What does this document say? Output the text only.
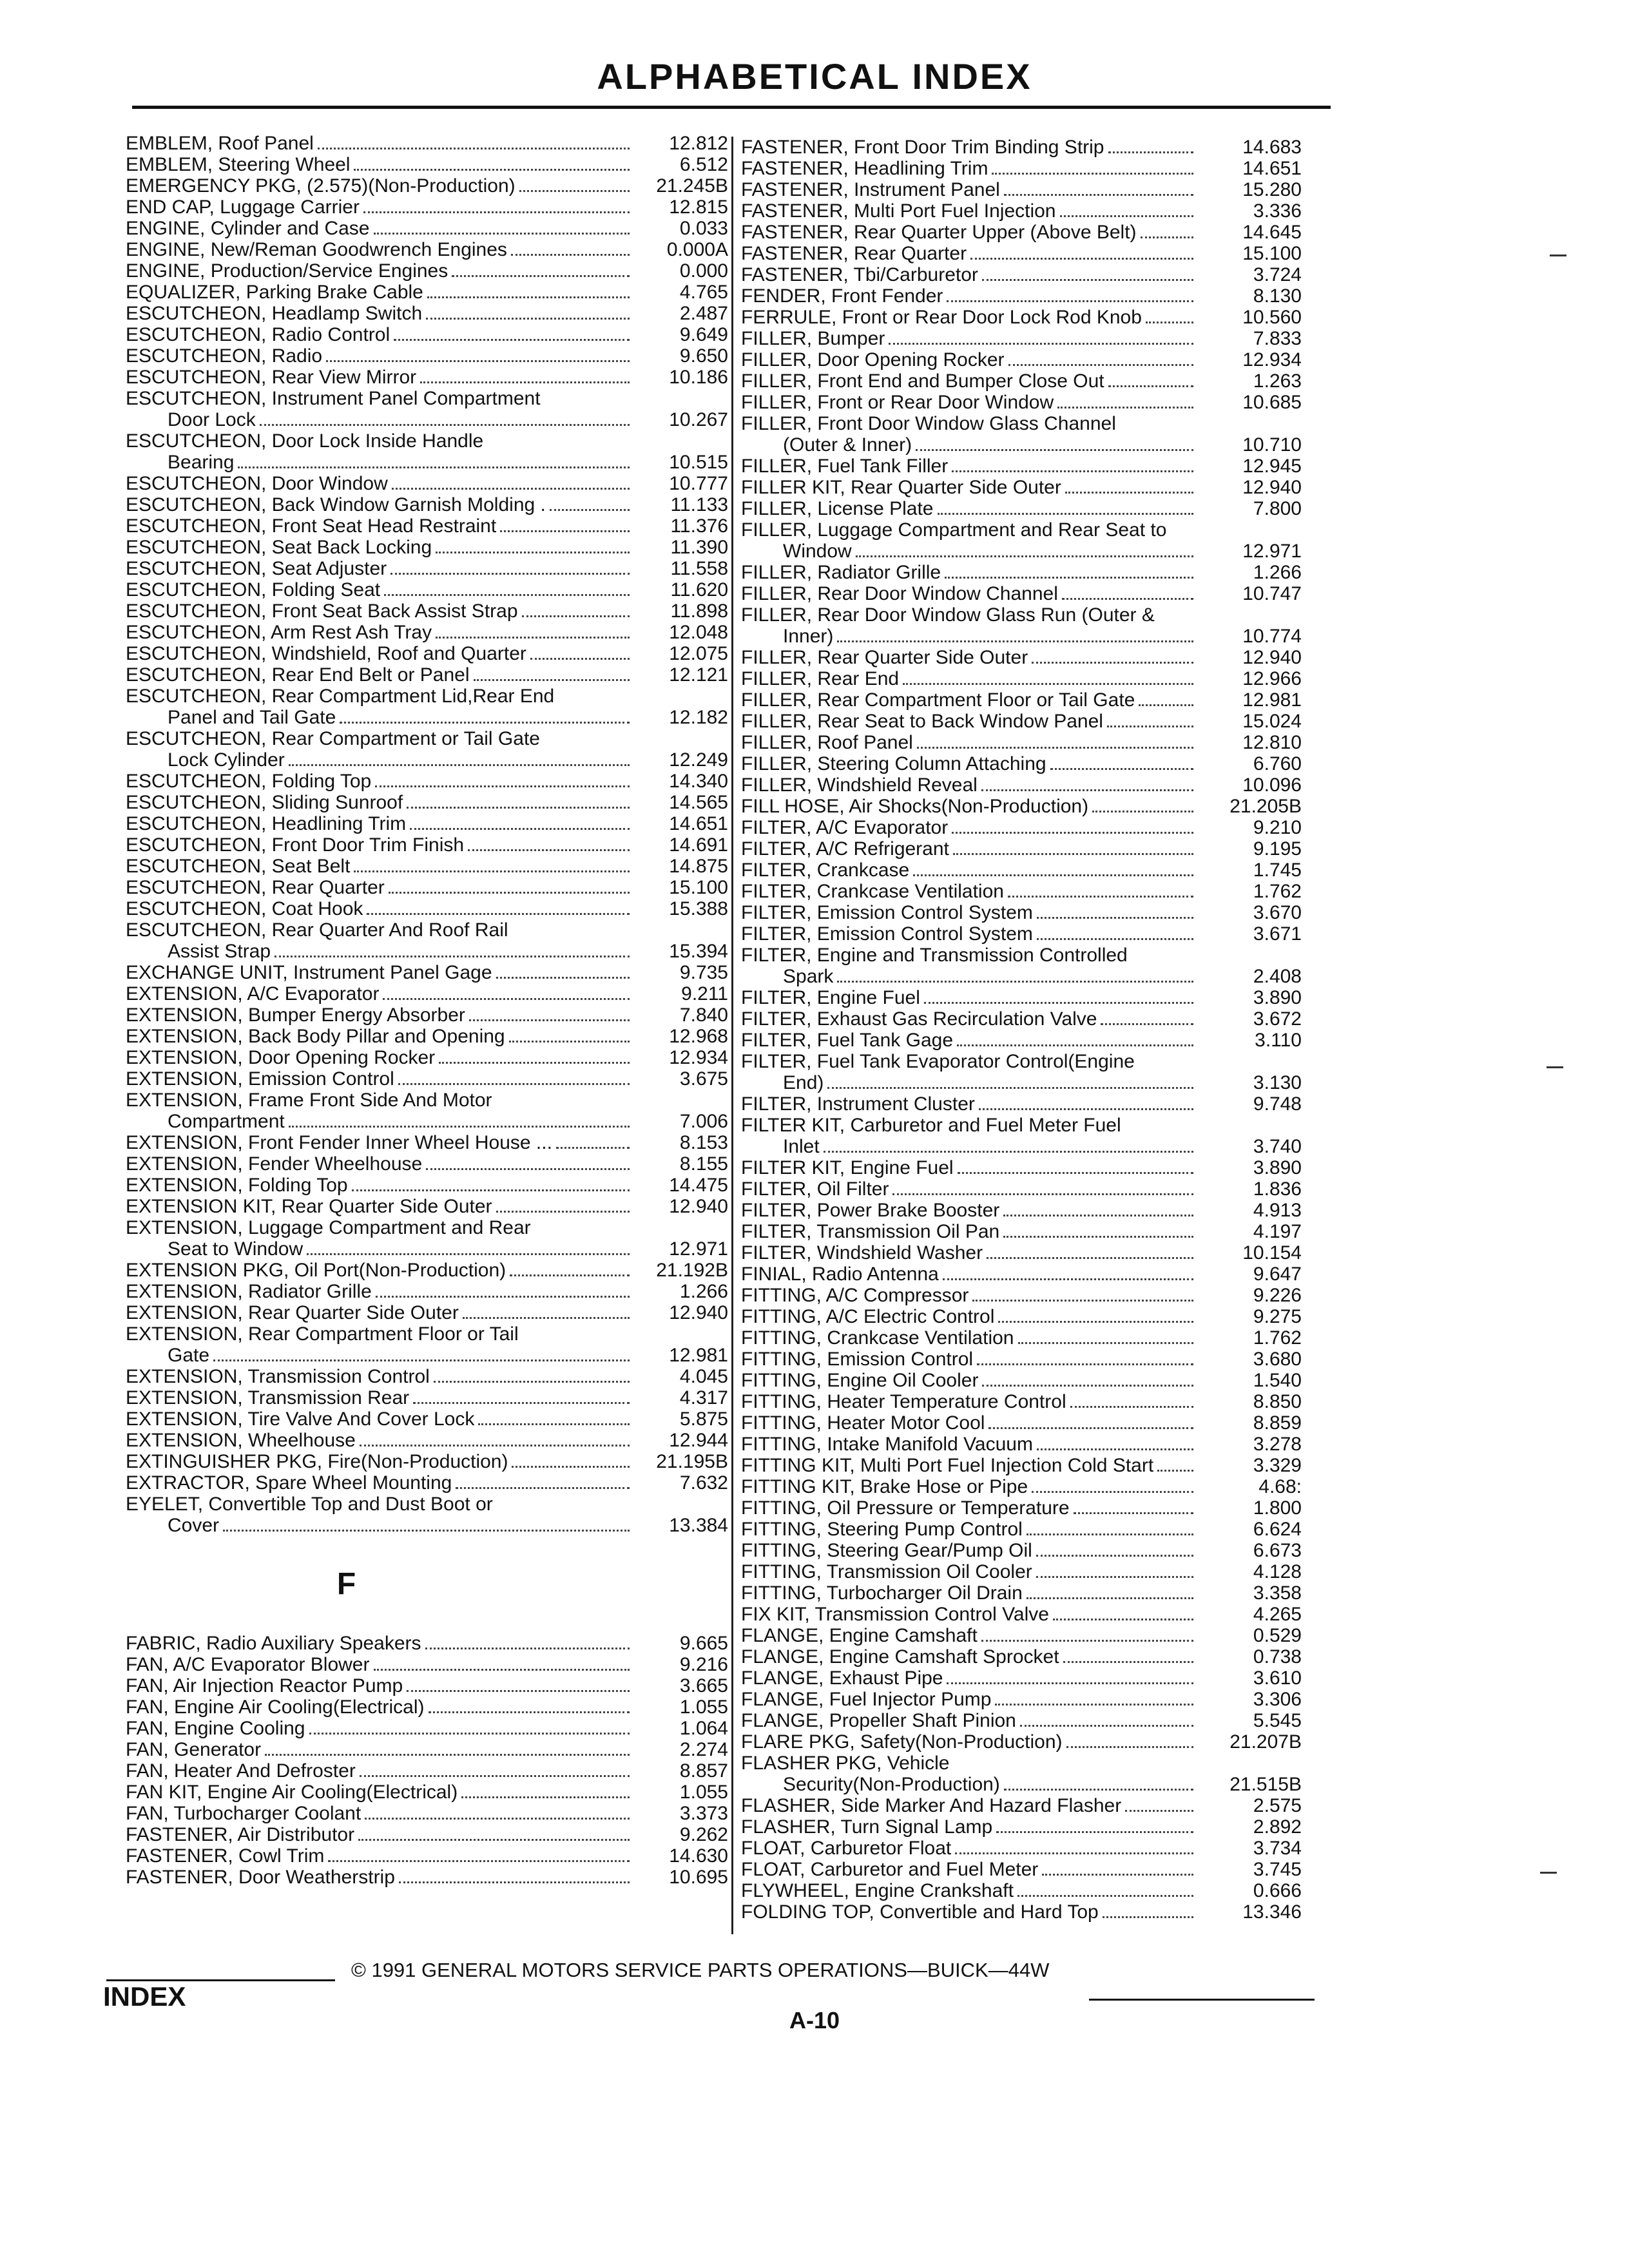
ALPHABETICAL INDEX
EMBLEM, Roof Panel	12.812
EMBLEM, Steering Wheel	6.512
EMERGENCY PKG, (2.575)(Non-Production)	21.245B
END CAP, Luggage Carrier	12.815
ENGINE, Cylinder and Case	0.033
ENGINE, New/Reman Goodwrench Engines	0.000A
ENGINE, Production/Service Engines	0.000
EQUALIZER, Parking Brake Cable	4.765
ESCUTCHEON, Headlamp Switch	2.487
ESCUTCHEON, Radio Control	9.649
ESCUTCHEON, Radio	9.650
ESCUTCHEON, Rear View Mirror	10.186
ESCUTCHEON, Instrument Panel Compartment
Door Lock	10.267
ESCUTCHEON, Door Lock Inside Handle
Bearing	10.515
ESCUTCHEON, Door Window	10.777
ESCUTCHEON, Back Window Garnish Molding .	11.133
ESCUTCHEON, Front Seat Head Restraint	11.376
ESCUTCHEON, Seat Back Locking	11.390
ESCUTCHEON, Seat Adjuster	11.558
ESCUTCHEON, Folding Seat	11.620
ESCUTCHEON, Front Seat Back Assist Strap	11.898
ESCUTCHEON, Arm Rest Ash Tray	12.048
ESCUTCHEON, Windshield, Roof and Quarter	12.075
ESCUTCHEON, Rear End Belt or Panel	12.121
ESCUTCHEON, Rear Compartment Lid,Rear End
Panel and Tail Gate	12.182
ESCUTCHEON, Rear Compartment or Tail Gate
Lock Cylinder	12.249
ESCUTCHEON, Folding Top	14.340
ESCUTCHEON, Sliding Sunroof	14.565
ESCUTCHEON, Headlining Trim	14.651
ESCUTCHEON, Front Door Trim Finish	14.691
ESCUTCHEON, Seat Belt	14.875
ESCUTCHEON, Rear Quarter	15.100
ESCUTCHEON, Coat Hook	15.388
ESCUTCHEON, Rear Quarter And Roof Rail
Assist Strap	15.394
EXCHANGE UNIT, Instrument Panel Gage	9.735
EXTENSION, A/C Evaporator	9.211
EXTENSION, Bumper Energy Absorber	7.840
EXTENSION, Back Body Pillar and Opening	12.968
EXTENSION, Door Opening Rocker	12.934
EXTENSION, Emission Control	3.675
EXTENSION, Frame Front Side And Motor
Compartment	7.006
EXTENSION, Front Fender Inner Wheel House ...	8.153
EXTENSION, Fender Wheelhouse	8.155
EXTENSION, Folding Top	14.475
EXTENSION KIT, Rear Quarter Side Outer	12.940
EXTENSION, Luggage Compartment and Rear
Seat to Window	12.971
EXTENSION PKG, Oil Port(Non-Production)	21.192B
EXTENSION, Radiator Grille	1.266
EXTENSION, Rear Quarter Side Outer	12.940
EXTENSION, Rear Compartment Floor or Tail
Gate	12.981
EXTENSION, Transmission Control	4.045
EXTENSION, Transmission Rear	4.317
EXTENSION, Tire Valve And Cover Lock	5.875
EXTENSION, Wheelhouse	12.944
EXTINGUISHER PKG, Fire(Non-Production)	21.195B
EXTRACTOR, Spare Wheel Mounting	7.632
EYELET, Convertible Top and Dust Boot or
Cover	13.384
F
FABRIC, Radio Auxiliary Speakers	9.665
FAN, A/C Evaporator Blower	9.216
FAN, Air Injection Reactor Pump	3.665
FAN, Engine Air Cooling(Electrical)	1.055
FAN, Engine Cooling	1.064
FAN, Generator	2.274
FAN, Heater And Defroster	8.857
FAN KIT, Engine Air Cooling(Electrical)	1.055
FAN, Turbocharger Coolant	3.373
FASTENER, Air Distributor	9.262
FASTENER, Cowl Trim	14.630
FASTENER, Door Weatherstrip	10.695
FASTENER, Front Door Trim Binding Strip	14.683
FASTENER, Headlining Trim	14.651
FASTENER, Instrument Panel	15.280
FASTENER, Multi Port Fuel Injection	3.336
FASTENER, Rear Quarter Upper (Above Belt)	14.645
FASTENER, Rear Quarter	15.100
FASTENER, Tbi/Carburetor	3.724
FENDER, Front Fender	8.130
FERRULE, Front or Rear Door Lock Rod Knob	10.560
FILLER, Bumper	7.833
FILLER, Door Opening Rocker	12.934
FILLER, Front End and Bumper Close Out	1.263
FILLER, Front or Rear Door Window	10.685
FILLER, Front Door Window Glass Channel
(Outer & Inner)	10.710
FILLER, Fuel Tank Filler	12.945
FILLER KIT, Rear Quarter Side Outer	12.940
FILLER, License Plate	7.800
FILLER, Luggage Compartment and Rear Seat to
Window	12.971
FILLER, Radiator Grille	1.266
FILLER, Rear Door Window Channel	10.747
FILLER, Rear Door Window Glass Run (Outer &
Inner)	10.774
FILLER, Rear Quarter Side Outer	12.940
FILLER, Rear End	12.966
FILLER, Rear Compartment Floor or Tail Gate	12.981
FILLER, Rear Seat to Back Window Panel	15.024
FILLER, Roof Panel	12.810
FILLER, Steering Column Attaching	6.760
FILLER, Windshield Reveal	10.096
FILL HOSE, Air Shocks(Non-Production)	21.205B
FILTER, A/C Evaporator	9.210
FILTER, A/C Refrigerant	9.195
FILTER, Crankcase	1.745
FILTER, Crankcase Ventilation	1.762
FILTER, Emission Control System	3.670
FILTER, Emission Control System	3.671
FILTER, Engine and Transmission Controlled
Spark	2.408
FILTER, Engine Fuel	3.890
FILTER, Exhaust Gas Recirculation Valve	3.672
FILTER, Fuel Tank Gage	3.110
FILTER, Fuel Tank Evaporator Control(Engine
End)	3.130
FILTER, Instrument Cluster	9.748
FILTER KIT, Carburetor and Fuel Meter Fuel
Inlet	3.740
FILTER KIT, Engine Fuel	3.890
FILTER, Oil Filter	1.836
FILTER, Power Brake Booster	4.913
FILTER, Transmission Oil Pan	4.197
FILTER, Windshield Washer	10.154
FINIAL, Radio Antenna	9.647
FITTING, A/C Compressor	9.226
FITTING, A/C Electric Control	9.275
FITTING, Crankcase Ventilation	1.762
FITTING, Emission Control	3.680
FITTING, Engine Oil Cooler	1.540
FITTING, Heater Temperature Control	8.850
FITTING, Heater Motor Cool	8.859
FITTING, Intake Manifold Vacuum	3.278
FITTING KIT, Multi Port Fuel Injection Cold Start	3.329
FITTING KIT, Brake Hose or Pipe	4.68:
FITTING, Oil Pressure or Temperature	1.800
FITTING, Steering Pump Control	6.624
FITTING, Steering Gear/Pump Oil	6.673
FITTING, Transmission Oil Cooler	4.128
FITTING, Turbocharger Oil Drain	3.358
FIX KIT, Transmission Control Valve	4.265
FLANGE, Engine Camshaft	0.529
FLANGE, Engine Camshaft Sprocket	0.738
FLANGE, Exhaust Pipe	3.610
FLANGE, Fuel Injector Pump	3.306
FLANGE, Propeller Shaft Pinion	5.545
FLARE PKG, Safety(Non-Production)	21.207B
FLASHER PKG, Vehicle
Security(Non-Production)	21.515B
FLASHER, Side Marker And Hazard Flasher	2.575
FLASHER, Turn Signal Lamp	2.892
FLOAT, Carburetor Float	3.734
FLOAT, Carburetor and Fuel Meter	3.745
FLYWHEEL, Engine Crankshaft	0.666
FOLDING TOP, Convertible and Hard Top	13.346
© 1991 GENERAL MOTORS SERVICE PARTS OPERATIONS—BUICK—44W
INDEX
A-10
